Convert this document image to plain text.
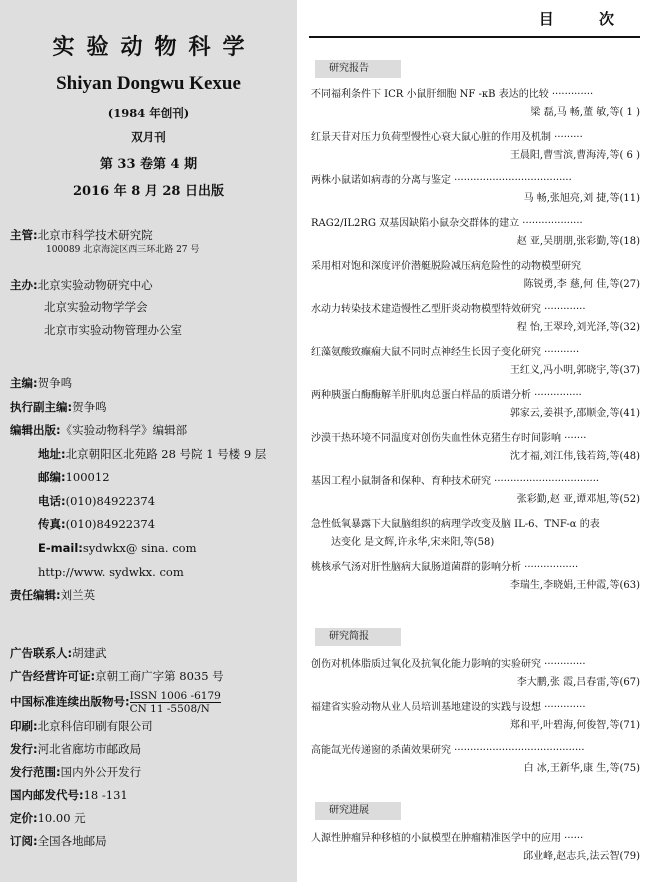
实验动物科学
Shiyan Dongwu Kexue
(1984 年创刊)
双月刊
第 33 卷第 4 期
2016 年 8 月 28 日出版
主管:北京市科学技术研究院
100089 北京海淀区西三环北路 27 号
主办:北京实验动物研究中心
北京实验动物学学会
北京市实验动物管理办公室
主编:贺争鸣
执行副主编:贺争鸣
编辑出版:《实验动物科学》编辑部
地址:北京朝阳区北苑路 28 号院 1 号楼 9 层
邮编:100012
电话:(010)84922374
传真:(010)84922374
E-mail:sydwkx@ sina. com
http://www. sydwkx. com
责任编辑:刘兰英
广告联系人:胡建武
广告经营许可证:京朝工商广字第 8035 号
中国标准连续出版物号: ISSN 1006 -6179
CN 11 -5508/N
印刷:北京科信印刷有限公司
发行:河北省廊坊市邮政局
发行范围:国内外公开发行
国内邮发代号:18 -131
定价:10.00 元
订阅:全国各地邮局
目 次
研究报告
不同福利条件下 ICR 小鼠肝细胞 NF -κB 表达的比较 ·············
梁 磊,马 畅,董 敏,等( 1 )
红景天苷对压力负荷型慢性心衰大鼠心脏的作用及机制 ·········
王晨阳,曹雪滨,曹海涛,等( 6 )
两株小鼠诺如病毒的分离与鉴定 ·····································
马 畅,张旭亮,刘 捷,等(11)
RAG2/IL2RG 双基因缺陷小鼠杂交群体的建立 ···················
赵 亚,吴朋朋,张彩勤,等(18)
采用相对饱和深度评价潜艇脱险减压病危险性的动物模型研究
陈锐勇,李 慈,何 佳,等(27)
水动力转染技术建造慢性乙型肝炎动物模型特效研究 ·············
程 怡,王翠玲,刘光泽,等(32)
红藻氨酸致癫痫大鼠不同时点神经生长因子变化研究 ···········
王红义,冯小明,郭晓宇,等(37)
两种胰蛋白酶酶解羊肝肌肉总蛋白样品的质谱分析 ···············
郭家云,姜祺予,邵顺金,等(41)
沙漠干热环境不同温度对创伤失血性休克猪生存时间影响 ·······
沈才福,刘江伟,钱若筠,等(48)
基因工程小鼠制备和保种、育种技术研究 ·································
张彩勤,赵 亚,谭邓旭,等(52)
急性低氧暴露下大鼠脑组织的病理学改变及脑 IL-6、TNF-α 的表
达变化 是文辉,许永华,宋来阳,等(58)
桃核承气汤对肝性脑病大鼠肠道菌群的影响分析 ·················
李瑞生,李晓娟,王仲霞,等(63)
研究简报
创伤对机体脂质过氧化及抗氧化能力影响的实验研究 ·············
李大鹏,张 霞,吕春雷,等(67)
福建省实验动物从业人员培训基地建设的实践与设想 ·············
郑和平,叶碧海,何俊智,等(71)
高能氙光传递窗的杀菌效果研究 ·········································
白 冰,王新华,康 生,等(75)
研究进展
人源性肿瘤异种移植的小鼠模型在肿瘤精准医学中的应用 ······
邱业峰,赵志兵,法云智(79)
